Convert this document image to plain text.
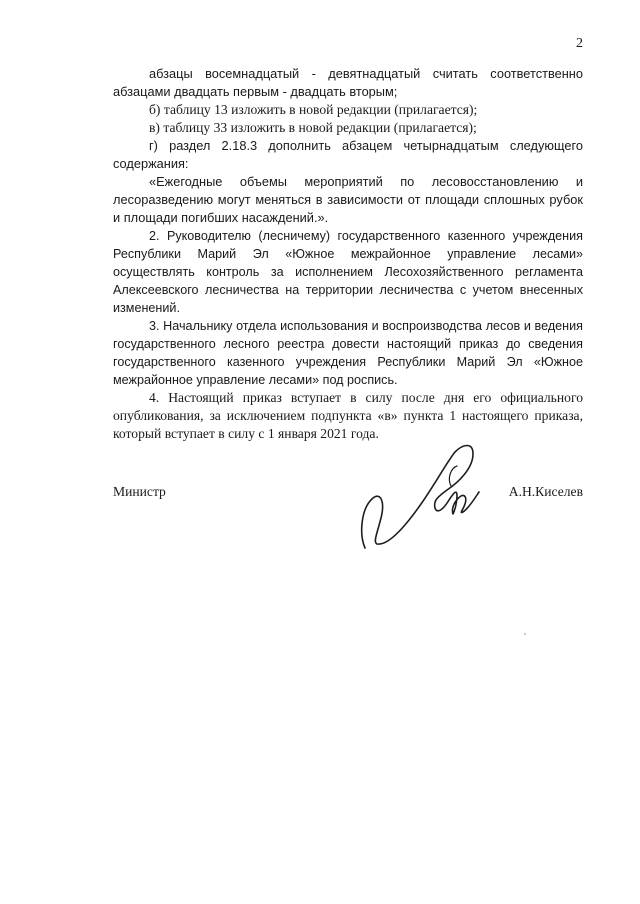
2

абзацы восемнадцатый - девятнадцатый считать соответственно абзацами двадцать первым - двадцать вторым;

б) таблицу 13 изложить в новой редакции (прилагается);

в) таблицу 33 изложить в новой редакции (прилагается);

г) раздел 2.18.3 дополнить абзацем четырнадцатым следующего содержания:

«Ежегодные объемы мероприятий по лесовосстановлению и лесоразведению могут меняться в зависимости от площади сплошных рубок и площади погибших насаждений.».

2. Руководителю (лесничему) государственного казенного учреждения Республики Марий Эл «Южное межрайонное управление лесами» осуществлять контроль за исполнением Лесохозяйственного регламента Алексеевского лесничества на территории лесничества с учетом внесенных изменений.

3. Начальнику отдела использования и воспроизводства лесов и ведения государственного лесного реестра довести настоящий приказ до сведения государственного казенного учреждения Республики Марий Эл «Южное межрайонное управление лесами» под роспись.

4. Настоящий приказ вступает в силу после дня его официального опубликования, за исключением подпункта «в» пункта 1 настоящего приказа, который вступает в силу с 1 января 2021 года.

Министр	А.Н.Киселев
